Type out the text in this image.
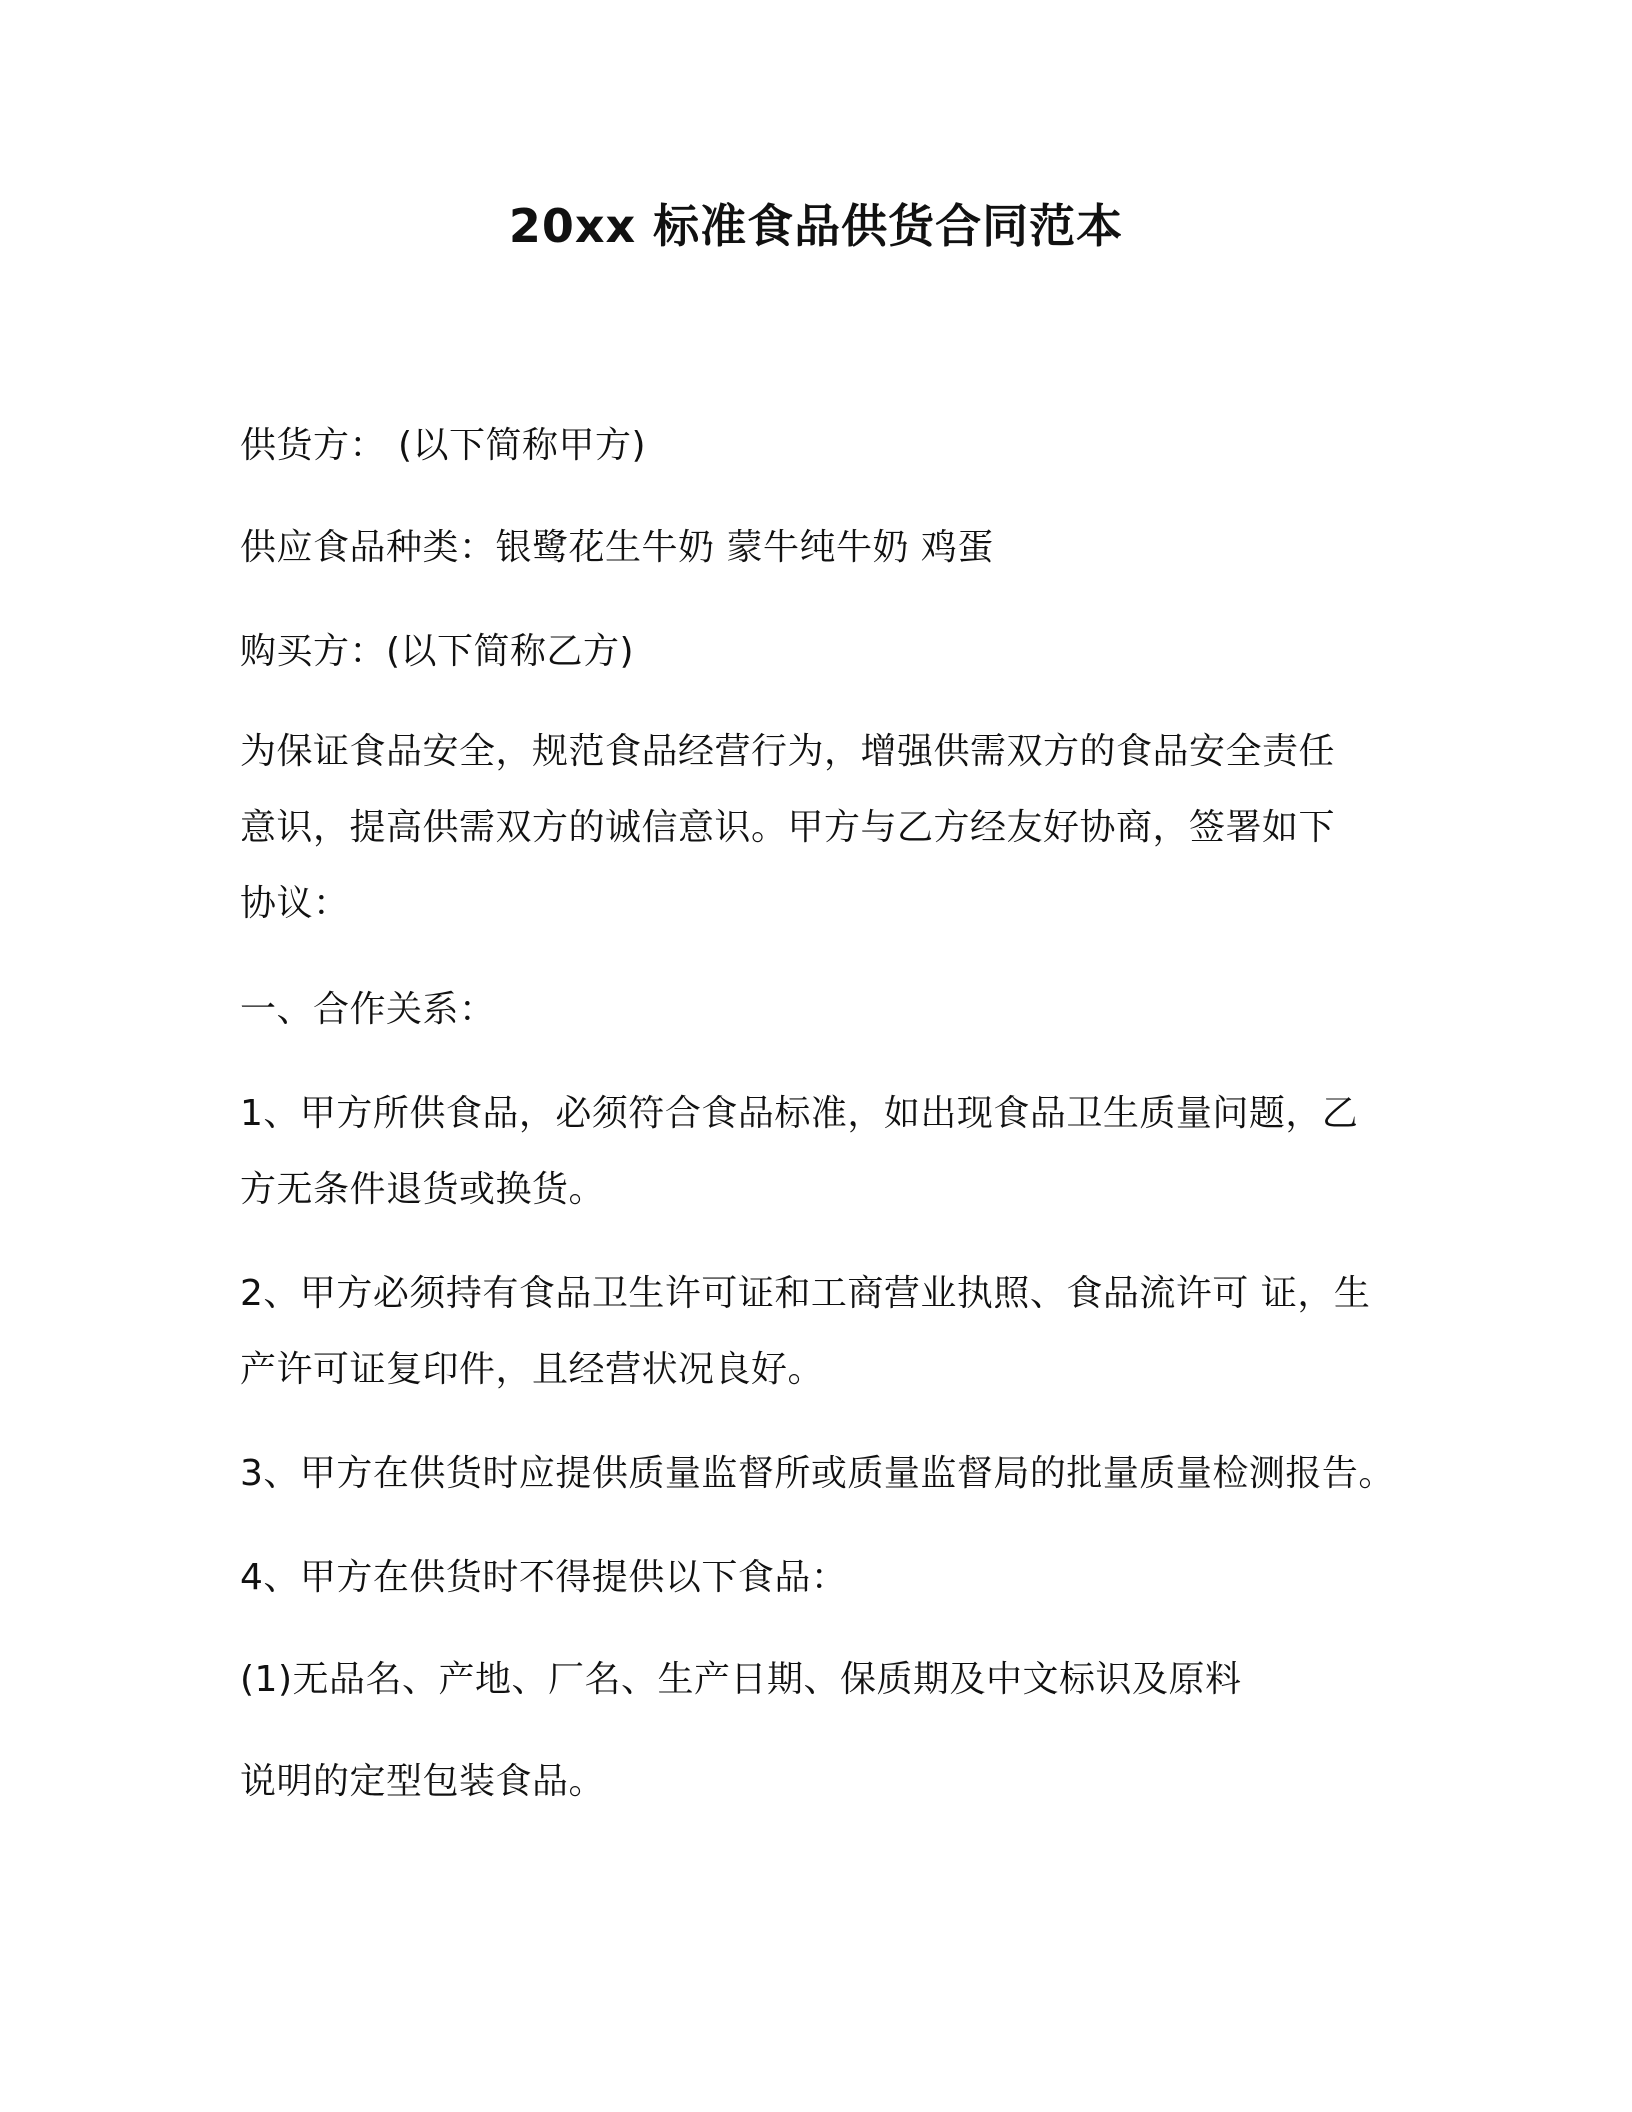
20xx 标准食品供货合同范本
供货方： (以下简称甲方)
供应食品种类：银鹭花生牛奶 蒙牛纯牛奶 鸡蛋
购买方：(以下简称乙方)
为保证食品安全，规范食品经营行为，增强供需双方的食品安全责任
意识，提高供需双方的诚信意识。甲方与乙方经友好协商，签署如下
协议：
一、合作关系：
1、甲方所供食品，必须符合食品标准，如出现食品卫生质量问题，乙
方无条件退货或换货。
2、甲方必须持有食品卫生许可证和工商营业执照、食品流许可 证，生
产许可证复印件，且经营状况良好。
3、甲方在供货时应提供质量监督所或质量监督局的批量质量检测报告。
4、甲方在供货时不得提供以下食品：
(1)无品名、产地、厂名、生产日期、保质期及中文标识及原料
说明的定型包装食品。
